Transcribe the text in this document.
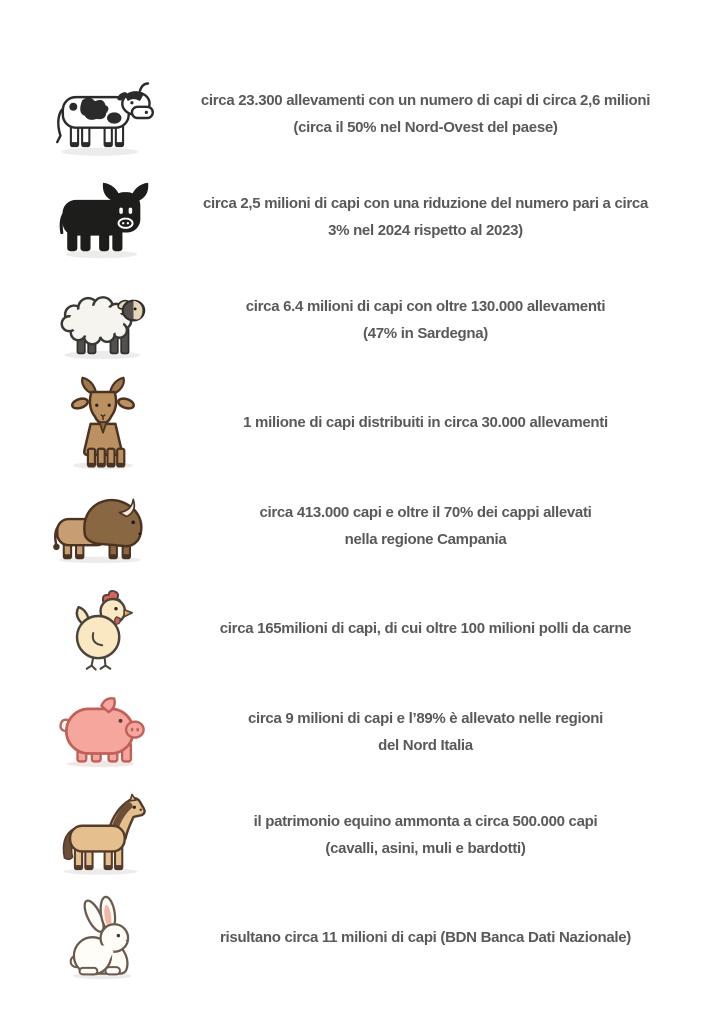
circa 23.300 allevamenti con un numero di capi di circa 2,6 milioni
(circa il 50% nel Nord-Ovest del paese)
circa 2,5 milioni di capi con una riduzione del numero pari a circa
3% nel 2024 rispetto al 2023)
circa 6.4 milioni di capi con oltre 130.000 allevamenti
(47% in Sardegna)
1 milione di capi distribuiti in circa 30.000 allevamenti
circa 413.000 capi e oltre il 70% dei cappi allevati
nella regione Campania
circa 165milioni di capi, di cui oltre 100 milioni polli da carne
circa 9 milioni di capi e l’89% è allevato nelle regioni
del Nord Italia
il patrimonio equino ammonta a circa 500.000 capi
(cavalli, asini, muli e bardotti)
risultano circa 11 milioni di capi (BDN Banca Dati Nazionale)
